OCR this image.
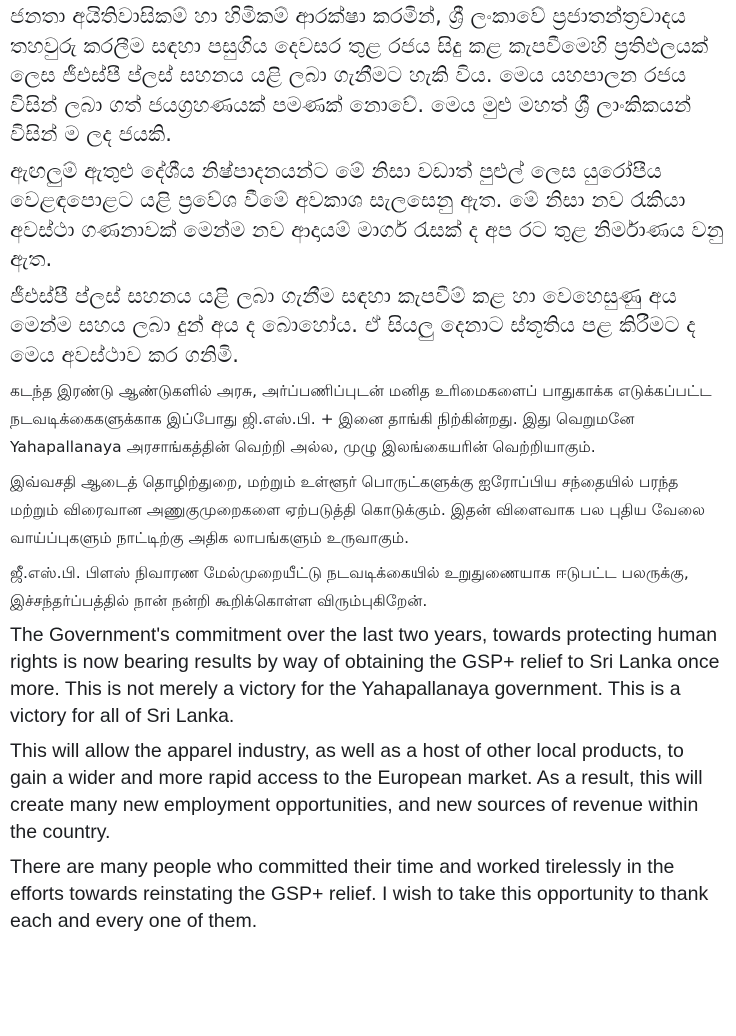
ජනතා අයිතිවාසිකම් හා හිමිකම් ආරක්ෂා කරමින්, ශ්‍රී ලංකාවේ ප්‍රජාතන්ත්‍රවාදය තහවුරු කරලීම සඳහා පසුගිය දෙවසර තුළ රජය සිදු කළ කැපවීමෙහි ප්‍රතිඵලයක් ලෙස ජීඑස්පී ප්ලස් සහනය යළි ලබා ගැනීමට හැකි විය. මෙය යහපාලන රජය විසින් ලබා ගත් ජයග්‍රහණයක් පමණක් නොවේ. මෙය මුළු මහත් ශ්‍රී ලාංකිකයන් විසින් ම ලද ජයකි.

ඇඟලුම් ඇතුළු දේශීය නිෂ්පාදනයන්ට මේ නිසා වඩාත් පුළුල් ලෙස යුරෝපීය වෙළඳපොළට යළි ප්‍රවේශ වීමේ අවකාශ සැලසෙනු ඇත. මේ නිසා නව රැකියා අවස්ථා ගණනාවක් මෙන්ම නව ආදායම් මාර්ග රැසක් ද අප රට තුළ නිර්මාණය වනු ඇත.

ජීඑස්පී ප්ලස් සහනය යළි ලබා ගැනීම සඳහා කැපවීම් කළ හා වෙහෙසුණු අය මෙන්ම සහය ලබා දුන් අය ද බොහෝය. ඒ සියලු දෙනාට ස්තූතිය පළ කිරීමට ද මෙය අවස්ථාව කර ගනිමි.

கடந்த இரண்டு ஆண்டுகளில் அரசு, அர்ப்பணிப்புடன் மனித உரிமைகளைப் பாதுகாக்க எடுக்கப்பட்ட நடவடிக்கைகளுக்காக இப்போது ஜி.எஸ்.பி. + இனை தாங்கி நிற்கின்றது. இது வெறுமனே Yahapallanaya அரசாங்கத்தின் வெற்றி அல்ல, முழு இலங்கையரின் வெற்றியாகும்.

இவ்வசதி ஆடைத் தொழிற்துறை, மற்றும் உள்ளூர் பொருட்களுக்கு ஐரோப்பிய சந்தையில் பரந்த மற்றும் விரைவான அணுகுமுறைகளை ஏற்படுத்தி கொடுக்கும். இதன் விளைவாக பல புதிய வேலை வாய்ப்புகளும் நாட்டிற்கு அதிக லாபங்களும் உருவாகும்.

ஜீ.எஸ்.பி. பிளஸ் நிவாரண மேல்முறையீட்டு நடவடிக்கையில் உறுதுணையாக ஈடுபட்ட பலருக்கு, இச்சந்தர்ப்பத்தில் நான் நன்றி கூறிக்கொள்ள விரும்புகிறேன்.

The Government's commitment over the last two years, towards protecting human rights is now bearing results by way of obtaining the GSP+ relief to Sri Lanka once more. This is not merely a victory for the Yahapallanaya government. This is a victory for all of Sri Lanka.

This will allow the apparel industry, as well as a host of other local products, to gain a wider and more rapid access to the European market. As a result, this will create many new employment opportunities, and new sources of revenue within the country.

There are many people who committed their time and worked tirelessly in the efforts towards reinstating the GSP+ relief. I wish to take this opportunity to thank each and every one of them.
